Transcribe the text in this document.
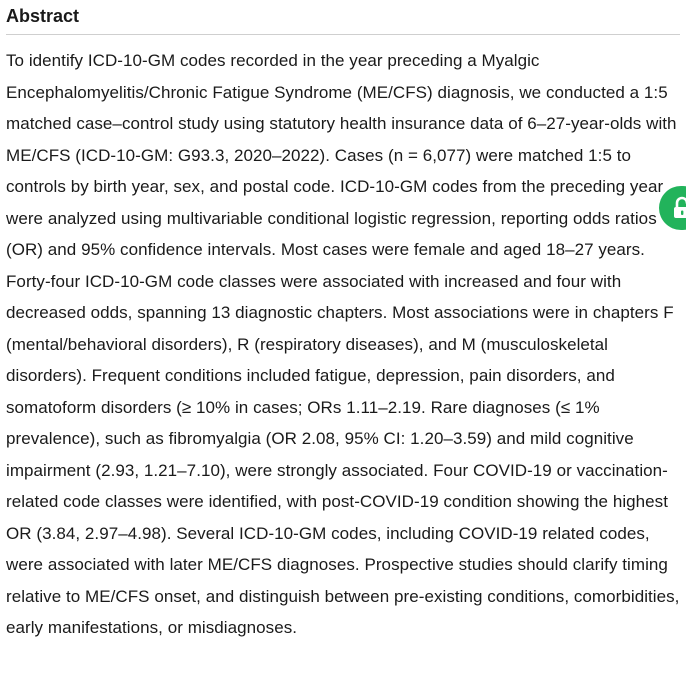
Abstract

To identify ICD-10-GM codes recorded in the year preceding a Myalgic Encephalomyelitis/Chronic Fatigue Syndrome (ME/CFS) diagnosis, we conducted a 1:5 matched case–control study using statutory health insurance data of 6–27-year-olds with ME/CFS (ICD-10-GM: G93.3, 2020–2022). Cases (n = 6,077) were matched 1:5 to controls by birth year, sex, and postal code. ICD-10-GM codes from the preceding year were analyzed using multivariable conditional logistic regression, reporting odds ratios (OR) and 95% confidence intervals. Most cases were female and aged 18–27 years. Forty-four ICD-10-GM code classes were associated with increased and four with decreased odds, spanning 13 diagnostic chapters. Most associations were in chapters F (mental/behavioral disorders), R (respiratory diseases), and M (musculoskeletal disorders). Frequent conditions included fatigue, depression, pain disorders, and somatoform disorders (≥ 10% in cases; ORs 1.11–2.19. Rare diagnoses (≤ 1% prevalence), such as fibromyalgia (OR 2.08, 95% CI: 1.20–3.59) and mild cognitive impairment (2.93, 1.21–7.10), were strongly associated. Four COVID-19 or vaccination-related code classes were identified, with post-COVID-19 condition showing the highest OR (3.84, 2.97–4.98). Several ICD-10-GM codes, including COVID-19 related codes, were associated with later ME/CFS diagnoses. Prospective studies should clarify timing relative to ME/CFS onset, and distinguish between pre-existing conditions, comorbidities, early manifestations, or misdiagnoses.
